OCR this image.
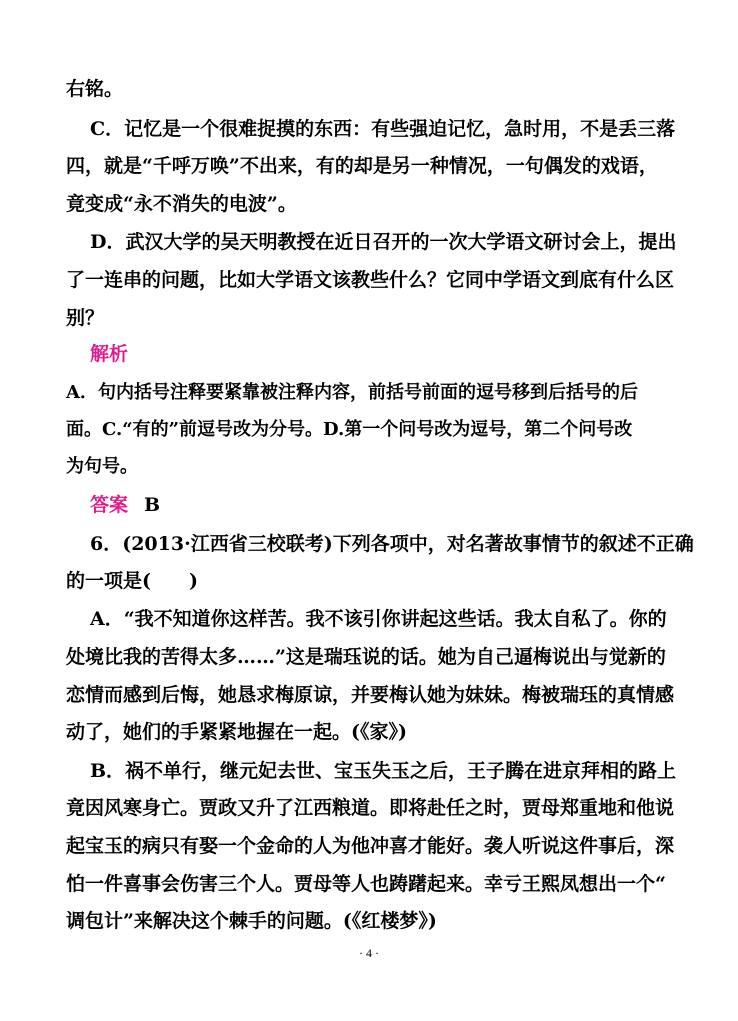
右铭。
C．记忆是一个很难捉摸的东西：有些强迫记忆，急时用，不是丢三落
四，就是“千呼万唤”不出来，有的却是另一种情况，一句偶发的戏语，
竟变成“永不消失的电波”。
D．武汉大学的吴天明教授在近日召开的一次大学语文研讨会上，提出
了一连串的问题，比如大学语文该教些什么？它同中学语文到底有什么区
别？
解析
A．句内括号注释要紧靠被注释内容，前括号前面的逗号移到后括号的后
面。C.“有的”前逗号改为分号。D.第一个问号改为逗号，第二个问号改
为句号。
答案 B
6．(2013·江西省三校联考)下列各项中，对名著故事情节的叙述不正确
的一项是(　　)
A．“我不知道你这样苦。我不该引你讲起这些话。我太自私了。你的
处境比我的苦得太多……”这是瑞珏说的话。她为自己逼梅说出与觉新的
恋情而感到后悔，她恳求梅原谅，并要梅认她为妹妹。梅被瑞珏的真情感
动了，她们的手紧紧地握在一起。(《家》)
B．祸不单行，继元妃去世、宝玉失玉之后，王子腾在进京拜相的路上
竟因风寒身亡。贾政又升了江西粮道。即将赴任之时，贾母郑重地和他说
起宝玉的病只有娶一个金命的人为他冲喜才能好。袭人听说这件事后，深
怕一件喜事会伤害三个人。贾母等人也踌躇起来。幸亏王熙凤想出一个“
调包计”来解决这个棘手的问题。(《红楼梦》)
· 4 ·
